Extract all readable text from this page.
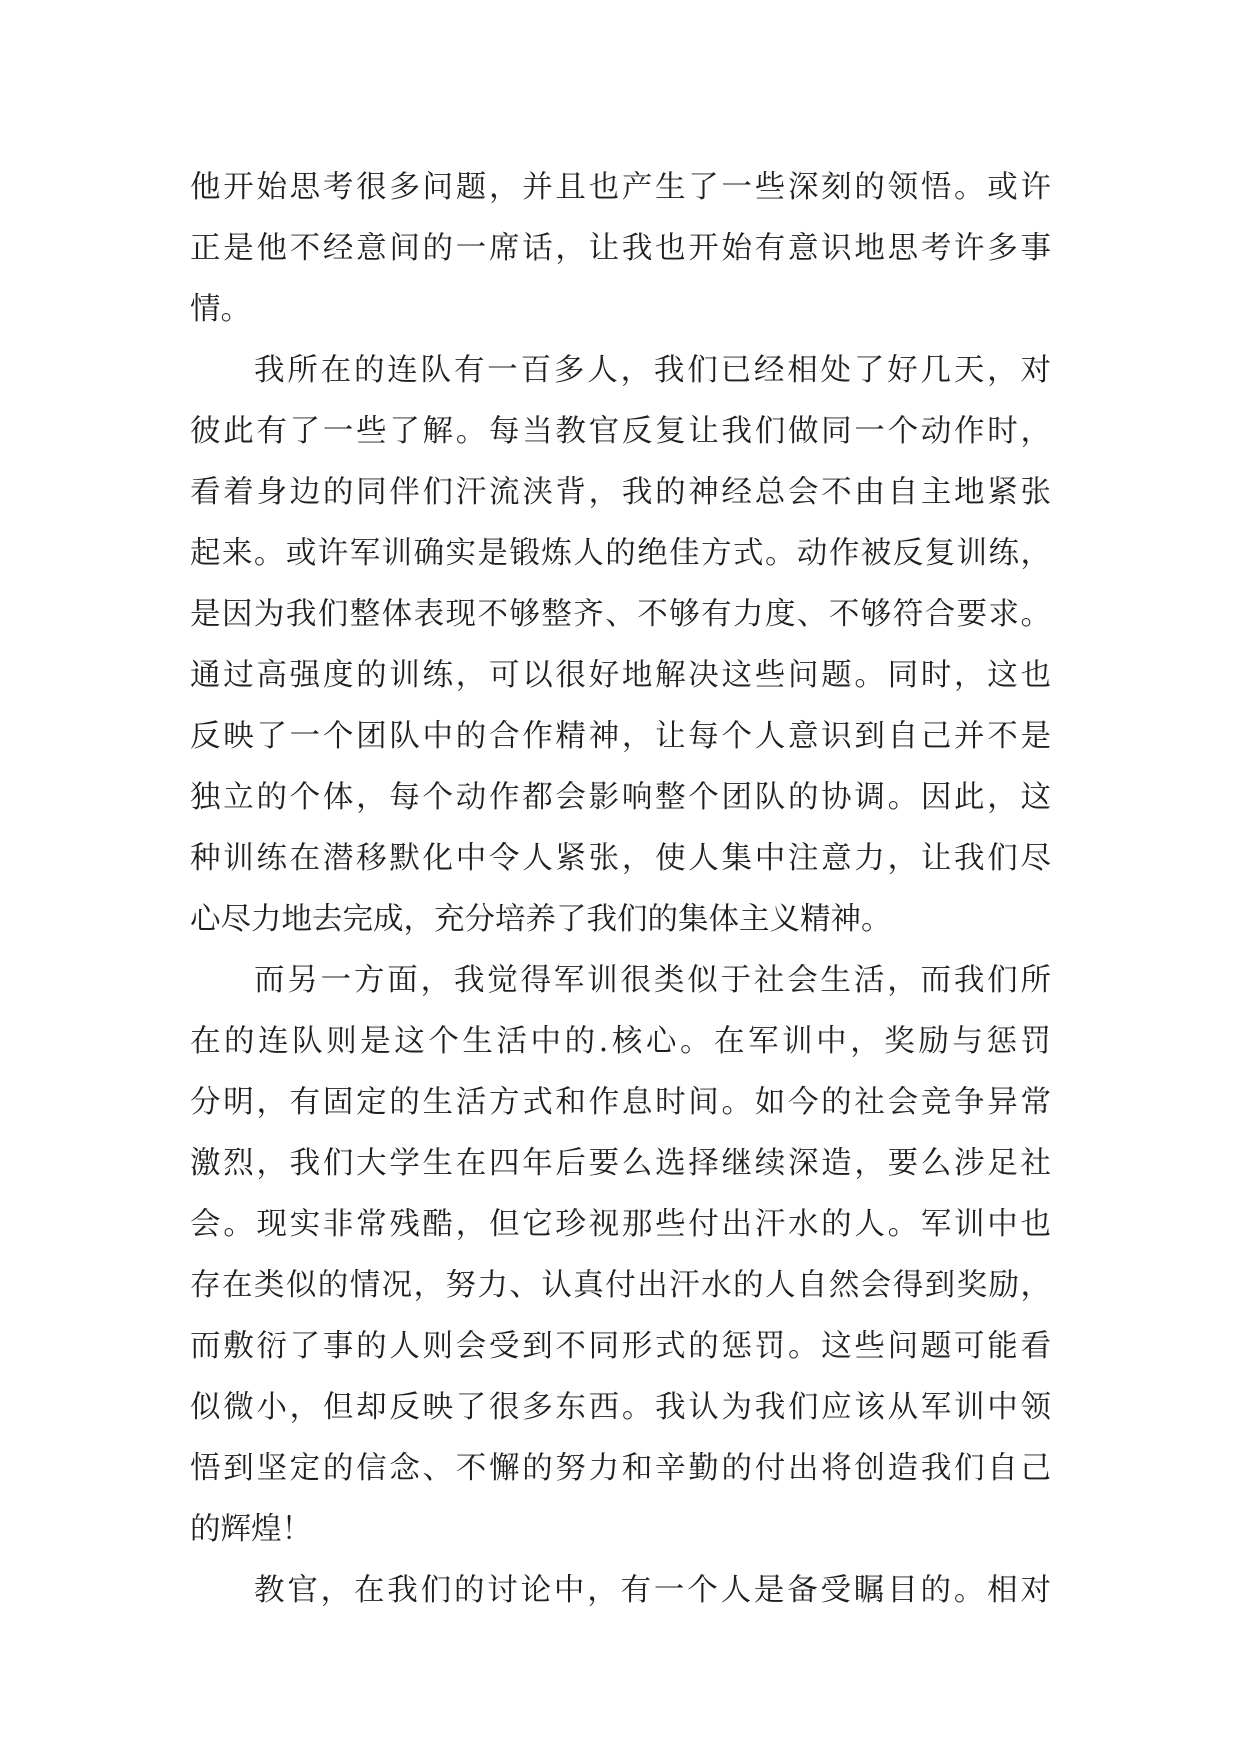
他开始思考很多问题，并且也产生了一些深刻的领悟。或许
正是他不经意间的一席话，让我也开始有意识地思考许多事
情。
我所在的连队有一百多人，我们已经相处了好几天，对
彼此有了一些了解。每当教官反复让我们做同一个动作时，
看着身边的同伴们汗流浃背，我的神经总会不由自主地紧张
起来。或许军训确实是锻炼人的绝佳方式。动作被反复训练，
是因为我们整体表现不够整齐、不够有力度、不够符合要求。
通过高强度的训练，可以很好地解决这些问题。同时，这也
反映了一个团队中的合作精神，让每个人意识到自己并不是
独立的个体，每个动作都会影响整个团队的协调。因此，这
种训练在潜移默化中令人紧张，使人集中注意力，让我们尽
心尽力地去完成，充分培养了我们的集体主义精神。
而另一方面，我觉得军训很类似于社会生活，而我们所
在的连队则是这个生活中的.核心。在军训中，奖励与惩罚
分明，有固定的生活方式和作息时间。如今的社会竞争异常
激烈，我们大学生在四年后要么选择继续深造，要么涉足社
会。现实非常残酷，但它珍视那些付出汗水的人。军训中也
存在类似的情况，努力、认真付出汗水的人自然会得到奖励，
而敷衍了事的人则会受到不同形式的惩罚。这些问题可能看
似微小，但却反映了很多东西。我认为我们应该从军训中领
悟到坚定的信念、不懈的努力和辛勤的付出将创造我们自己
的辉煌！
教官，在我们的讨论中，有一个人是备受瞩目的。相对
